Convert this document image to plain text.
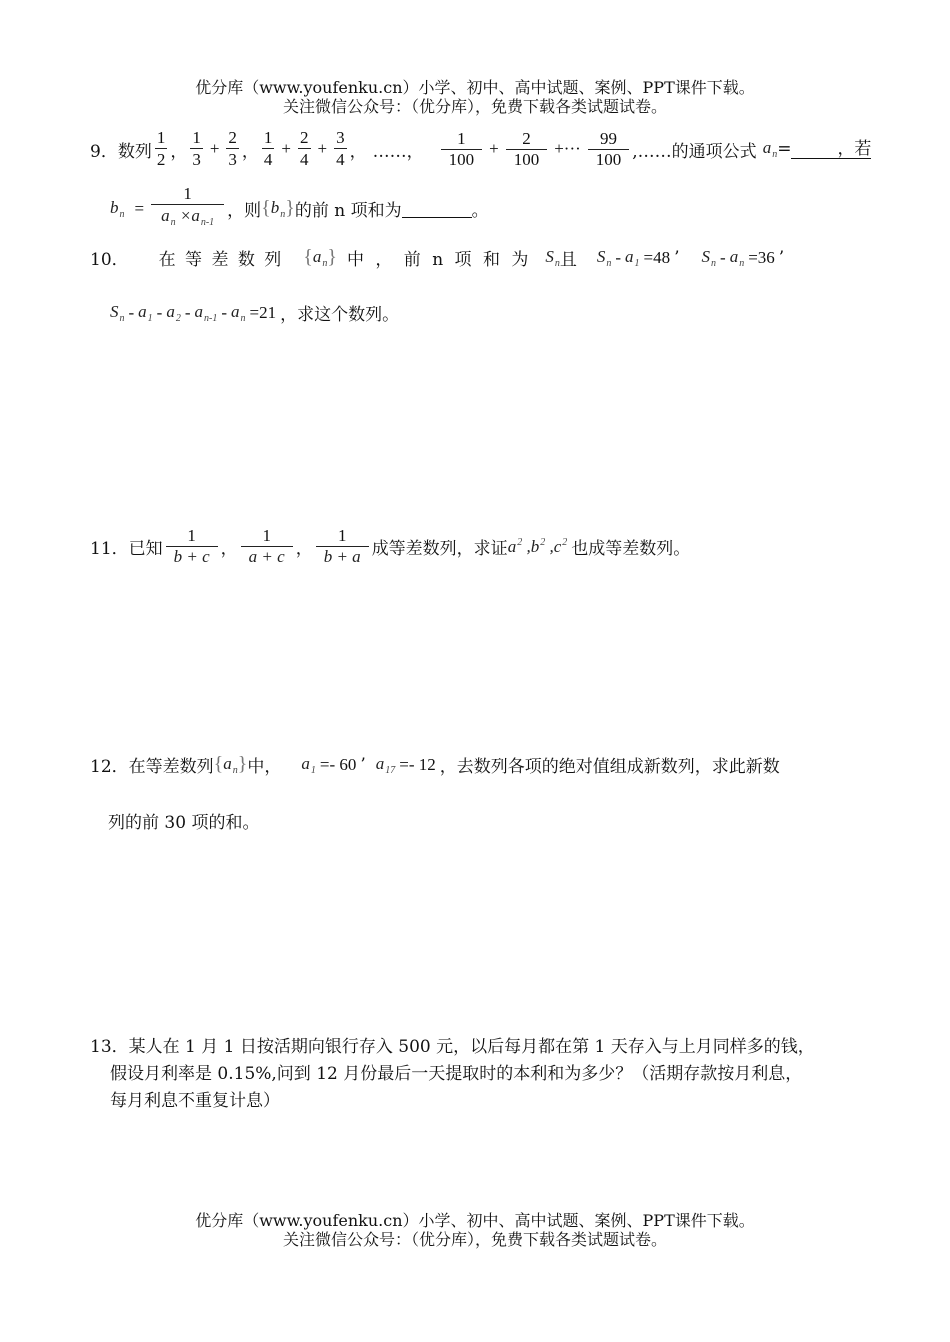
优分库（www.youfenku.cn）小学、初中、高中试题、案例、PPT课件下载。
关注微信公众号：（优分库），免费下载各类试题试卷。
9． 数列 $\frac{1}{2}$ ， $\frac{1}{3} + \frac{2}{3}$ ， $\frac{1}{4} + \frac{2}{4} + \frac{3}{4}$ ， ……， $\frac{1}{100} + \frac{2}{100}$ +··· $\frac{99}{100}$ ,……的通项公式 $a_n$ =	，若
$b_n = \frac{1}{a_n \times a_{n-1}}$ ，则 { $b_n$ } 的前 n 项和为	。
10． 在 等 差 数 列 { $a_n$ } 中 ， 前 n 项 和 为 $S_n$ 且 $S_n - a_1 =48$ ’ $S_n - a_n =36$ ’
$S_n - a_1 - a_2 - a_{n-1} - a_n =21$ ，求这个数列。
11． 已知 $\frac{1}{b + c}$ ， $\frac{1}{a + c}$ ， $\frac{1}{b + a}$ 成等差数列，求证 $a^2$ $,b^2$ $,c^2$ 也成等差数列。
12． 在等差数列 { $a_n$ } 中， $a_1 =- 60$ ’ $a_{17} =- 12$ ，去数列各项的绝对值组成新数列，求此新数
列的前 30 项的和。
13．某人在 1 月 1 日按活期向银行存入 500 元，以后每月都在第 1 天存入与上月同样多的钱，
假设月利率是 0.15%,问到 12 月份最后一天提取时的本利和为多少？（活期存款按月利息，
每月利息不重复计息）
优分库（www.youfenku.cn）小学、初中、高中试题、案例、PPT课件下载。
关注微信公众号：（优分库），免费下载各类试题试卷。
